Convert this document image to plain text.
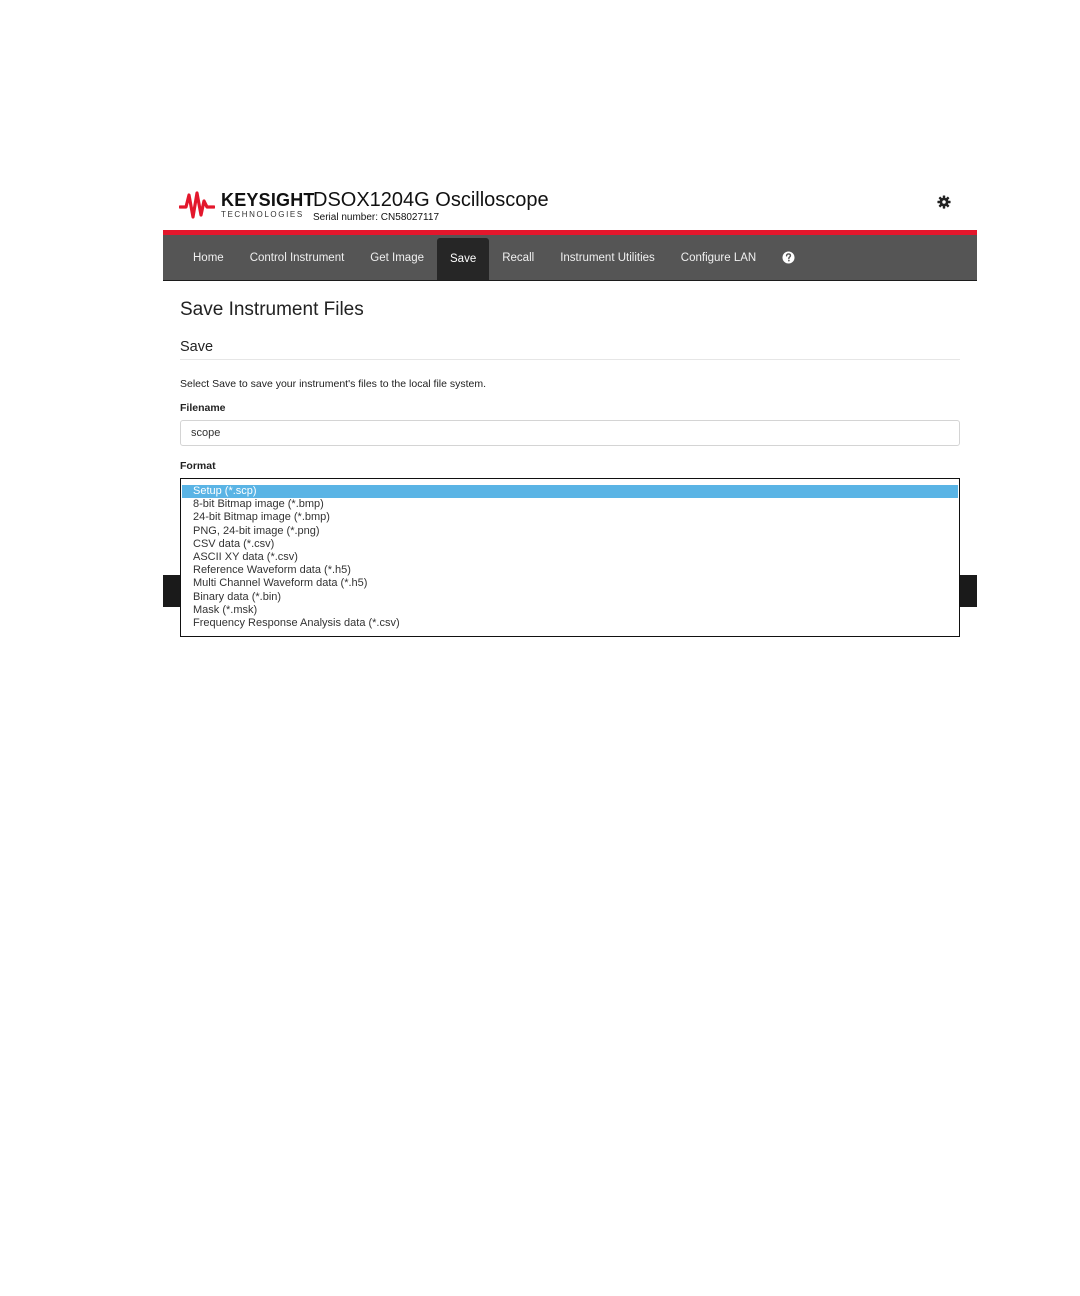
KEYSIGHT
TECHNOLOGIES
DSOX1204G Oscilloscope
Serial number: CN58027117
Home	Control Instrument	Get Image	Save	Recall	Instrument Utilities	Configure LAN
Save Instrument Files
Save
Select Save to save your instrument's files to the local file system.
Filename
scope
Format
Setup (*.scp)
8-bit Bitmap image (*.bmp)
24-bit Bitmap image (*.bmp)
PNG, 24-bit image (*.png)
CSV data (*.csv)
ASCII XY data (*.csv)
Reference Waveform data (*.h5)
Multi Channel Waveform data (*.h5)
Binary data (*.bin)
Mask (*.msk)
Frequency Response Analysis data (*.csv)
